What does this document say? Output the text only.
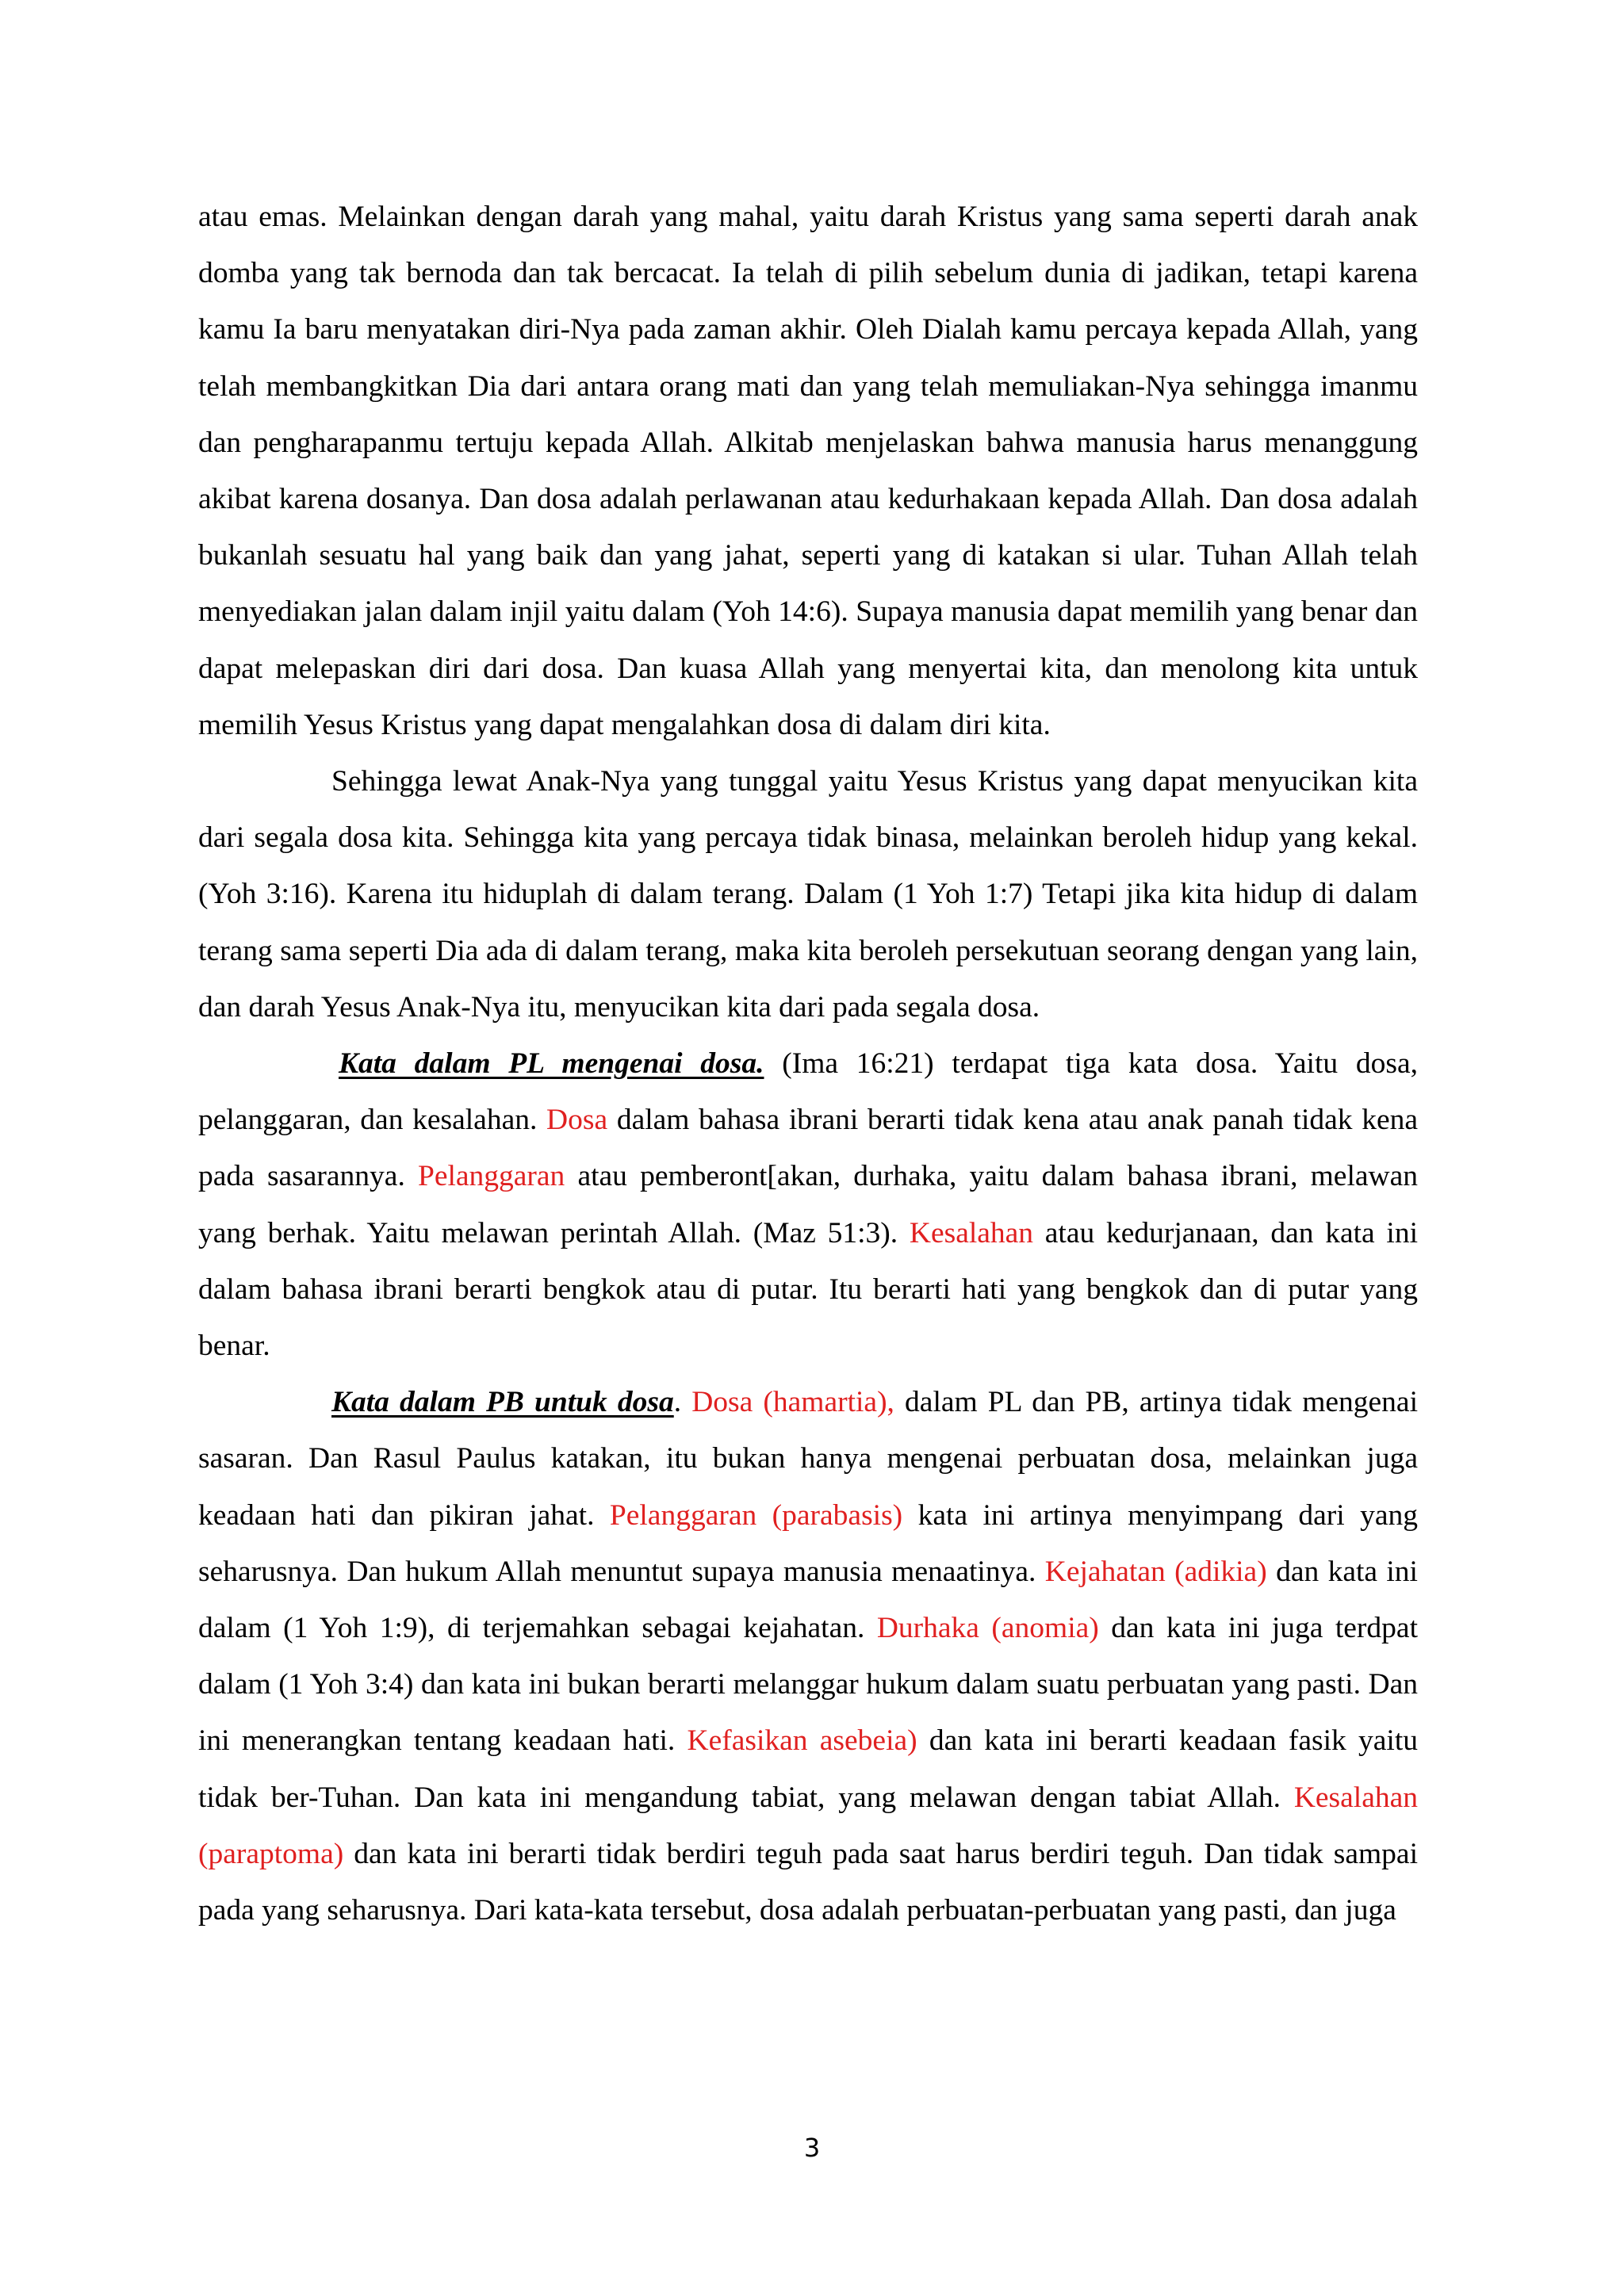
atau emas. Melainkan dengan darah yang mahal, yaitu darah Kristus yang sama seperti darah anak domba yang tak bernoda dan tak bercacat. Ia telah di pilih sebelum dunia di jadikan, tetapi karena kamu Ia baru menyatakan diri-Nya pada zaman akhir. Oleh Dialah kamu percaya kepada Allah, yang telah membangkitkan Dia dari antara orang mati dan yang telah memuliakan-Nya sehingga imanmu dan pengharapanmu tertuju kepada Allah. Alkitab menjelaskan bahwa manusia harus menanggung akibat karena dosanya. Dan dosa adalah perlawanan atau kedurhakaan kepada Allah. Dan dosa adalah bukanlah sesuatu hal yang baik dan yang jahat, seperti yang di katakan si ular. Tuhan Allah telah menyediakan jalan dalam injil yaitu dalam (Yoh 14:6). Supaya manusia dapat memilih yang benar dan dapat melepaskan diri dari dosa. Dan kuasa Allah yang menyertai kita, dan menolong kita untuk memilih Yesus Kristus yang dapat mengalahkan dosa di dalam diri kita.

Sehingga lewat Anak-Nya yang tunggal yaitu Yesus Kristus yang dapat menyucikan kita dari segala dosa kita. Sehingga kita yang percaya tidak binasa, melainkan beroleh hidup yang kekal. (Yoh 3:16). Karena itu hiduplah di dalam terang. Dalam (1 Yoh 1:7) Tetapi jika kita hidup di dalam terang sama seperti Dia ada di dalam terang, maka kita beroleh persekutuan seorang dengan yang lain, dan darah Yesus Anak-Nya itu, menyucikan kita dari pada segala dosa.

Kata dalam PL mengenai dosa. (Ima 16:21) terdapat tiga kata dosa. Yaitu dosa, pelanggaran, dan kesalahan. Dosa dalam bahasa ibrani berarti tidak kena atau anak panah tidak kena pada sasarannya. Pelanggaran atau pemberont[akan, durhaka, yaitu dalam bahasa ibrani, melawan yang berhak. Yaitu melawan perintah Allah. (Maz 51:3). Kesalahan atau kedurjanaan, dan kata ini dalam bahasa ibrani berarti bengkok atau di putar. Itu berarti hati yang bengkok dan di putar yang benar.

Kata dalam PB untuk dosa. Dosa (hamartia), dalam PL dan PB, artinya tidak mengenai sasaran. Dan Rasul Paulus katakan, itu bukan hanya mengenai perbuatan dosa, melainkan juga keadaan hati dan pikiran jahat. Pelanggaran (parabasis) kata ini artinya menyimpang dari yang seharusnya. Dan hukum Allah menuntut supaya manusia menaatinya. Kejahatan (adikia) dan kata ini dalam (1 Yoh 1:9), di terjemahkan sebagai kejahatan. Durhaka (anomia) dan kata ini juga terdpat dalam (1 Yoh 3:4) dan kata ini bukan berarti melanggar hukum dalam suatu perbuatan yang pasti. Dan ini menerangkan tentang keadaan hati. Kefasikan asebeia) dan kata ini berarti keadaan fasik yaitu tidak ber-Tuhan. Dan kata ini mengandung tabiat, yang melawan dengan tabiat Allah. Kesalahan (paraptoma) dan kata ini berarti tidak berdiri teguh pada saat harus berdiri teguh. Dan tidak sampai pada yang seharusnya. Dari kata-kata tersebut, dosa adalah perbuatan-perbuatan yang pasti, dan juga

3
